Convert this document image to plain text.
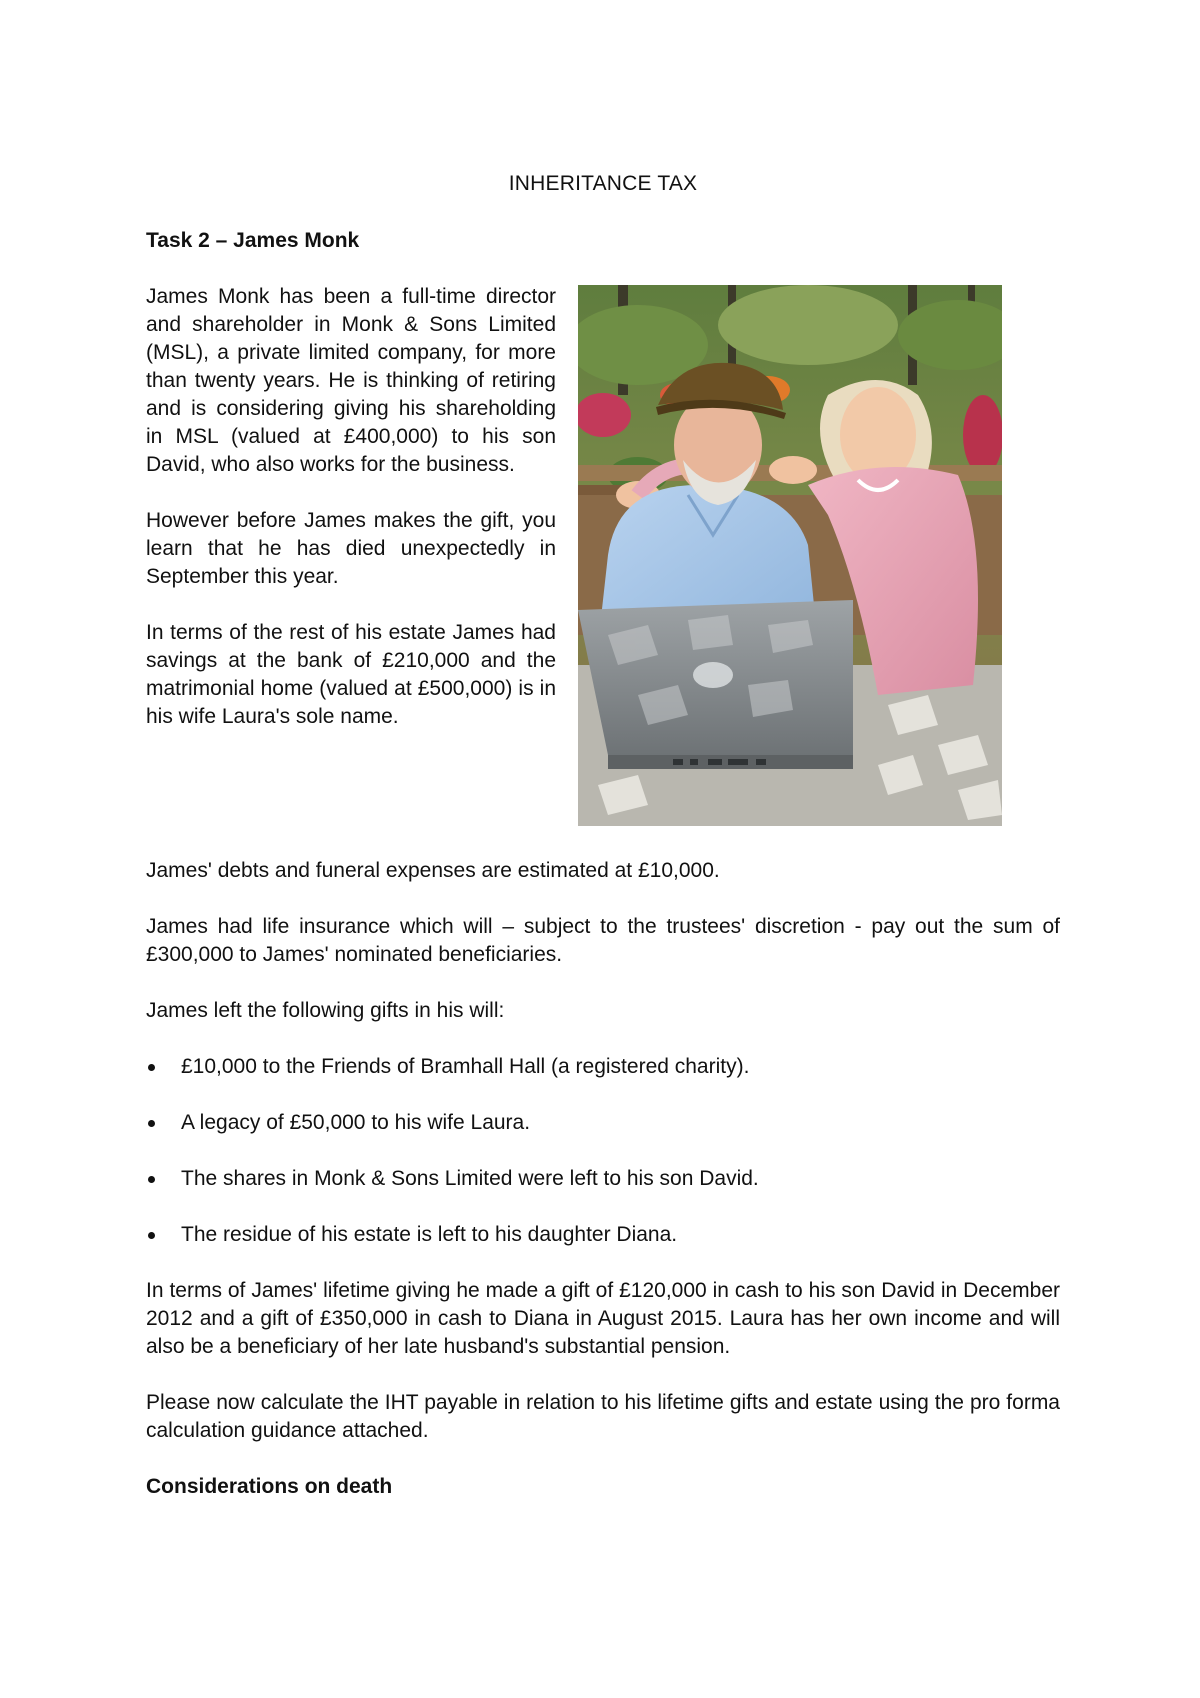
INHERITANCE TAX
Task 2 – James Monk

James Monk has been a full-time director and shareholder in Monk & Sons Limited (MSL), a private limited company, for more than twenty years. He is thinking of retiring and is considering giving his shareholding in MSL (valued at £400,000) to his son David, who also works for the business.

However before James makes the gift, you learn that he has died unexpectedly in September this year.

In terms of the rest of his estate James had savings at the bank of £210,000 and the matrimonial home (valued at £500,000) is in his wife Laura's sole name.

James' debts and funeral expenses are estimated at £10,000.

James had life insurance which will – subject to the trustees' discretion - pay out the sum of £300,000 to James' nominated beneficiaries.

James left the following gifts in his will:

£10,000 to the Friends of Bramhall Hall (a registered charity).
A legacy of £50,000 to his wife Laura.
The shares in Monk & Sons Limited were left to his son David.
The residue of his estate is left to his daughter Diana.

In terms of James' lifetime giving he made a gift of £120,000 in cash to his son David in December 2012 and a gift of £350,000 in cash to Diana in August 2015. Laura has her own income and will also be a beneficiary of her late husband's substantial pension.

Please now calculate the IHT payable in relation to his lifetime gifts and estate using the pro forma calculation guidance attached.

Considerations on death
